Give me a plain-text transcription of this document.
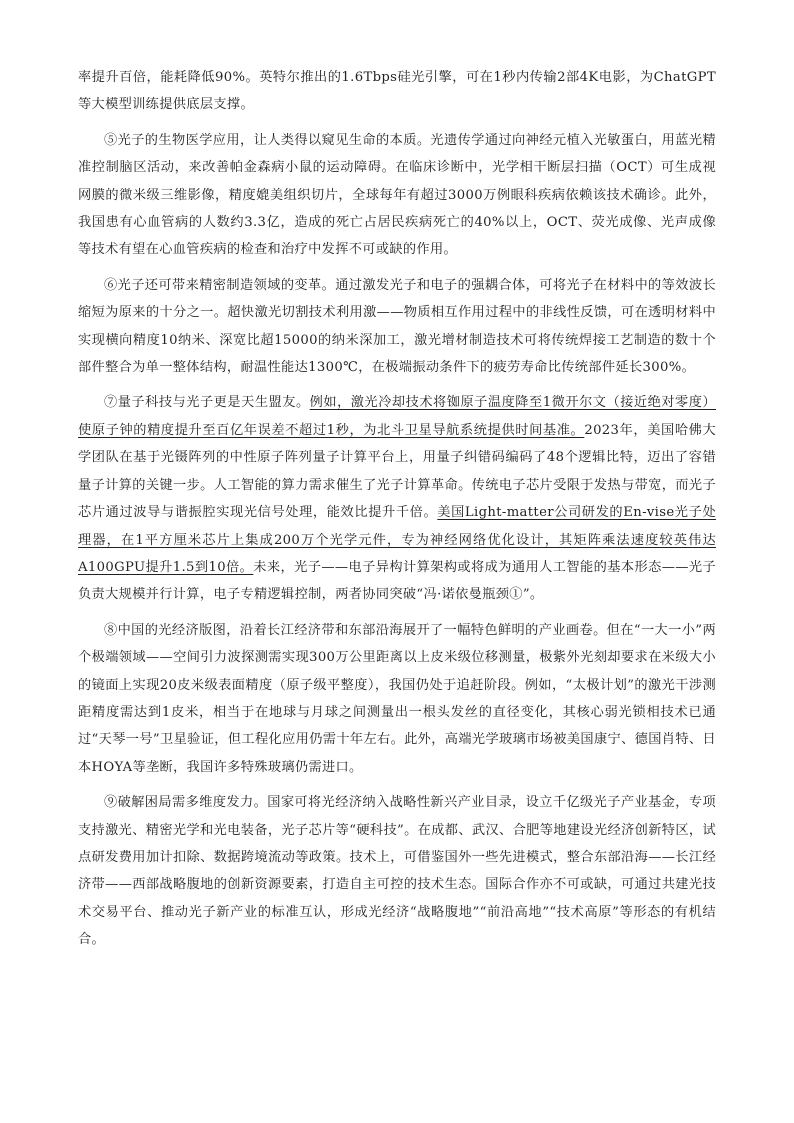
率提升百倍，能耗降低90%。英特尔推出的1.6Tbps硅光引擎，可在1秒内传输2部4K电影，为ChatGPT等大模型训练提供底层支撑。

⑤光子的生物医学应用，让人类得以窥见生命的本质。光遗传学通过向神经元植入光敏蛋白，用蓝光精准控制脑区活动，来改善帕金森病小鼠的运动障碍。在临床诊断中，光学相干断层扫描（OCT）可生成视网膜的微米级三维影像，精度媲美组织切片，全球每年有超过3000万例眼科疾病依赖该技术确诊。此外，我国患有心血管病的人数约3.3亿，造成的死亡占居民疾病死亡的40%以上，OCT、荧光成像、光声成像等技术有望在心血管疾病的检查和治疗中发挥不可或缺的作用。

⑥光子还可带来精密制造领域的变革。通过激发光子和电子的强耦合体，可将光子在材料中的等效波长缩短为原来的十分之一。超快激光切割技术利用激——物质相互作用过程中的非线性反馈，可在透明材料中实现横向精度10纳米、深宽比超15000的纳米深加工，激光增材制造技术可将传统焊接工艺制造的数十个部件整合为单一整体结构，耐温性能达1300℃，在极端振动条件下的疲劳寿命比传统部件延长300%。

⑦量子科技与光子更是天生盟友。例如，激光冷却技术将铷原子温度降至1微开尔文（接近绝对零度）使原子钟的精度提升至百亿年误差不超过1秒，为北斗卫星导航系统提供时间基准。2023年，美国哈佛大学团队在基于光镊阵列的中性原子阵列量子计算平台上，用量子纠错码编码了48个逻辑比特，迈出了容错量子计算的关键一步。人工智能的算力需求催生了光子计算革命。传统电子芯片受限于发热与带宽，而光子芯片通过波导与谐振腔实现光信号处理，能效比提升千倍。美国Light-matter公司研发的En-vise光子处理器，在1平方厘米芯片上集成200万个光学元件，专为神经网络优化设计，其矩阵乘法速度较英伟达A100GPU提升1.5到10倍。未来，光子——电子异构计算架构或将成为通用人工智能的基本形态——光子负责大规模并行计算，电子专精逻辑控制，两者协同突破“冯·诺依曼瓶颈①”。

⑧中国的光经济版图，沿着长江经济带和东部沿海展开了一幅特色鲜明的产业画卷。但在“一大一小”两个极端领域——空间引力波探测需实现300万公里距离以上皮米级位移测量，极紫外光刻却要求在米级大小的镜面上实现20皮米级表面精度（原子级平整度），我国仍处于追赶阶段。例如，“太极计划”的激光干涉测距精度需达到1皮米，相当于在地球与月球之间测量出一根头发丝的直径变化，其核心弱光锁相技术已通过“天琴一号”卫星验证，但工程化应用仍需十年左右。此外，高端光学玻璃市场被美国康宁、德国肖特、日本HOYA等垄断，我国许多特殊玻璃仍需进口。

⑨破解困局需多维度发力。国家可将光经济纳入战略性新兴产业目录，设立千亿级光子产业基金，专项支持激光、精密光学和光电装备，光子芯片等“硬科技”。在成都、武汉、合肥等地建设光经济创新特区，试点研发费用加计扣除、数据跨境流动等政策。技术上，可借鉴国外一些先进模式，整合东部沿海——长江经济带——西部战略腹地的创新资源要素，打造自主可控的技术生态。国际合作亦不可或缺，可通过共建光技术交易平台、推动光子新产业的标准互认，形成光经济“战略腹地”“前沿高地”“技术高原”等形态的有机结合。
